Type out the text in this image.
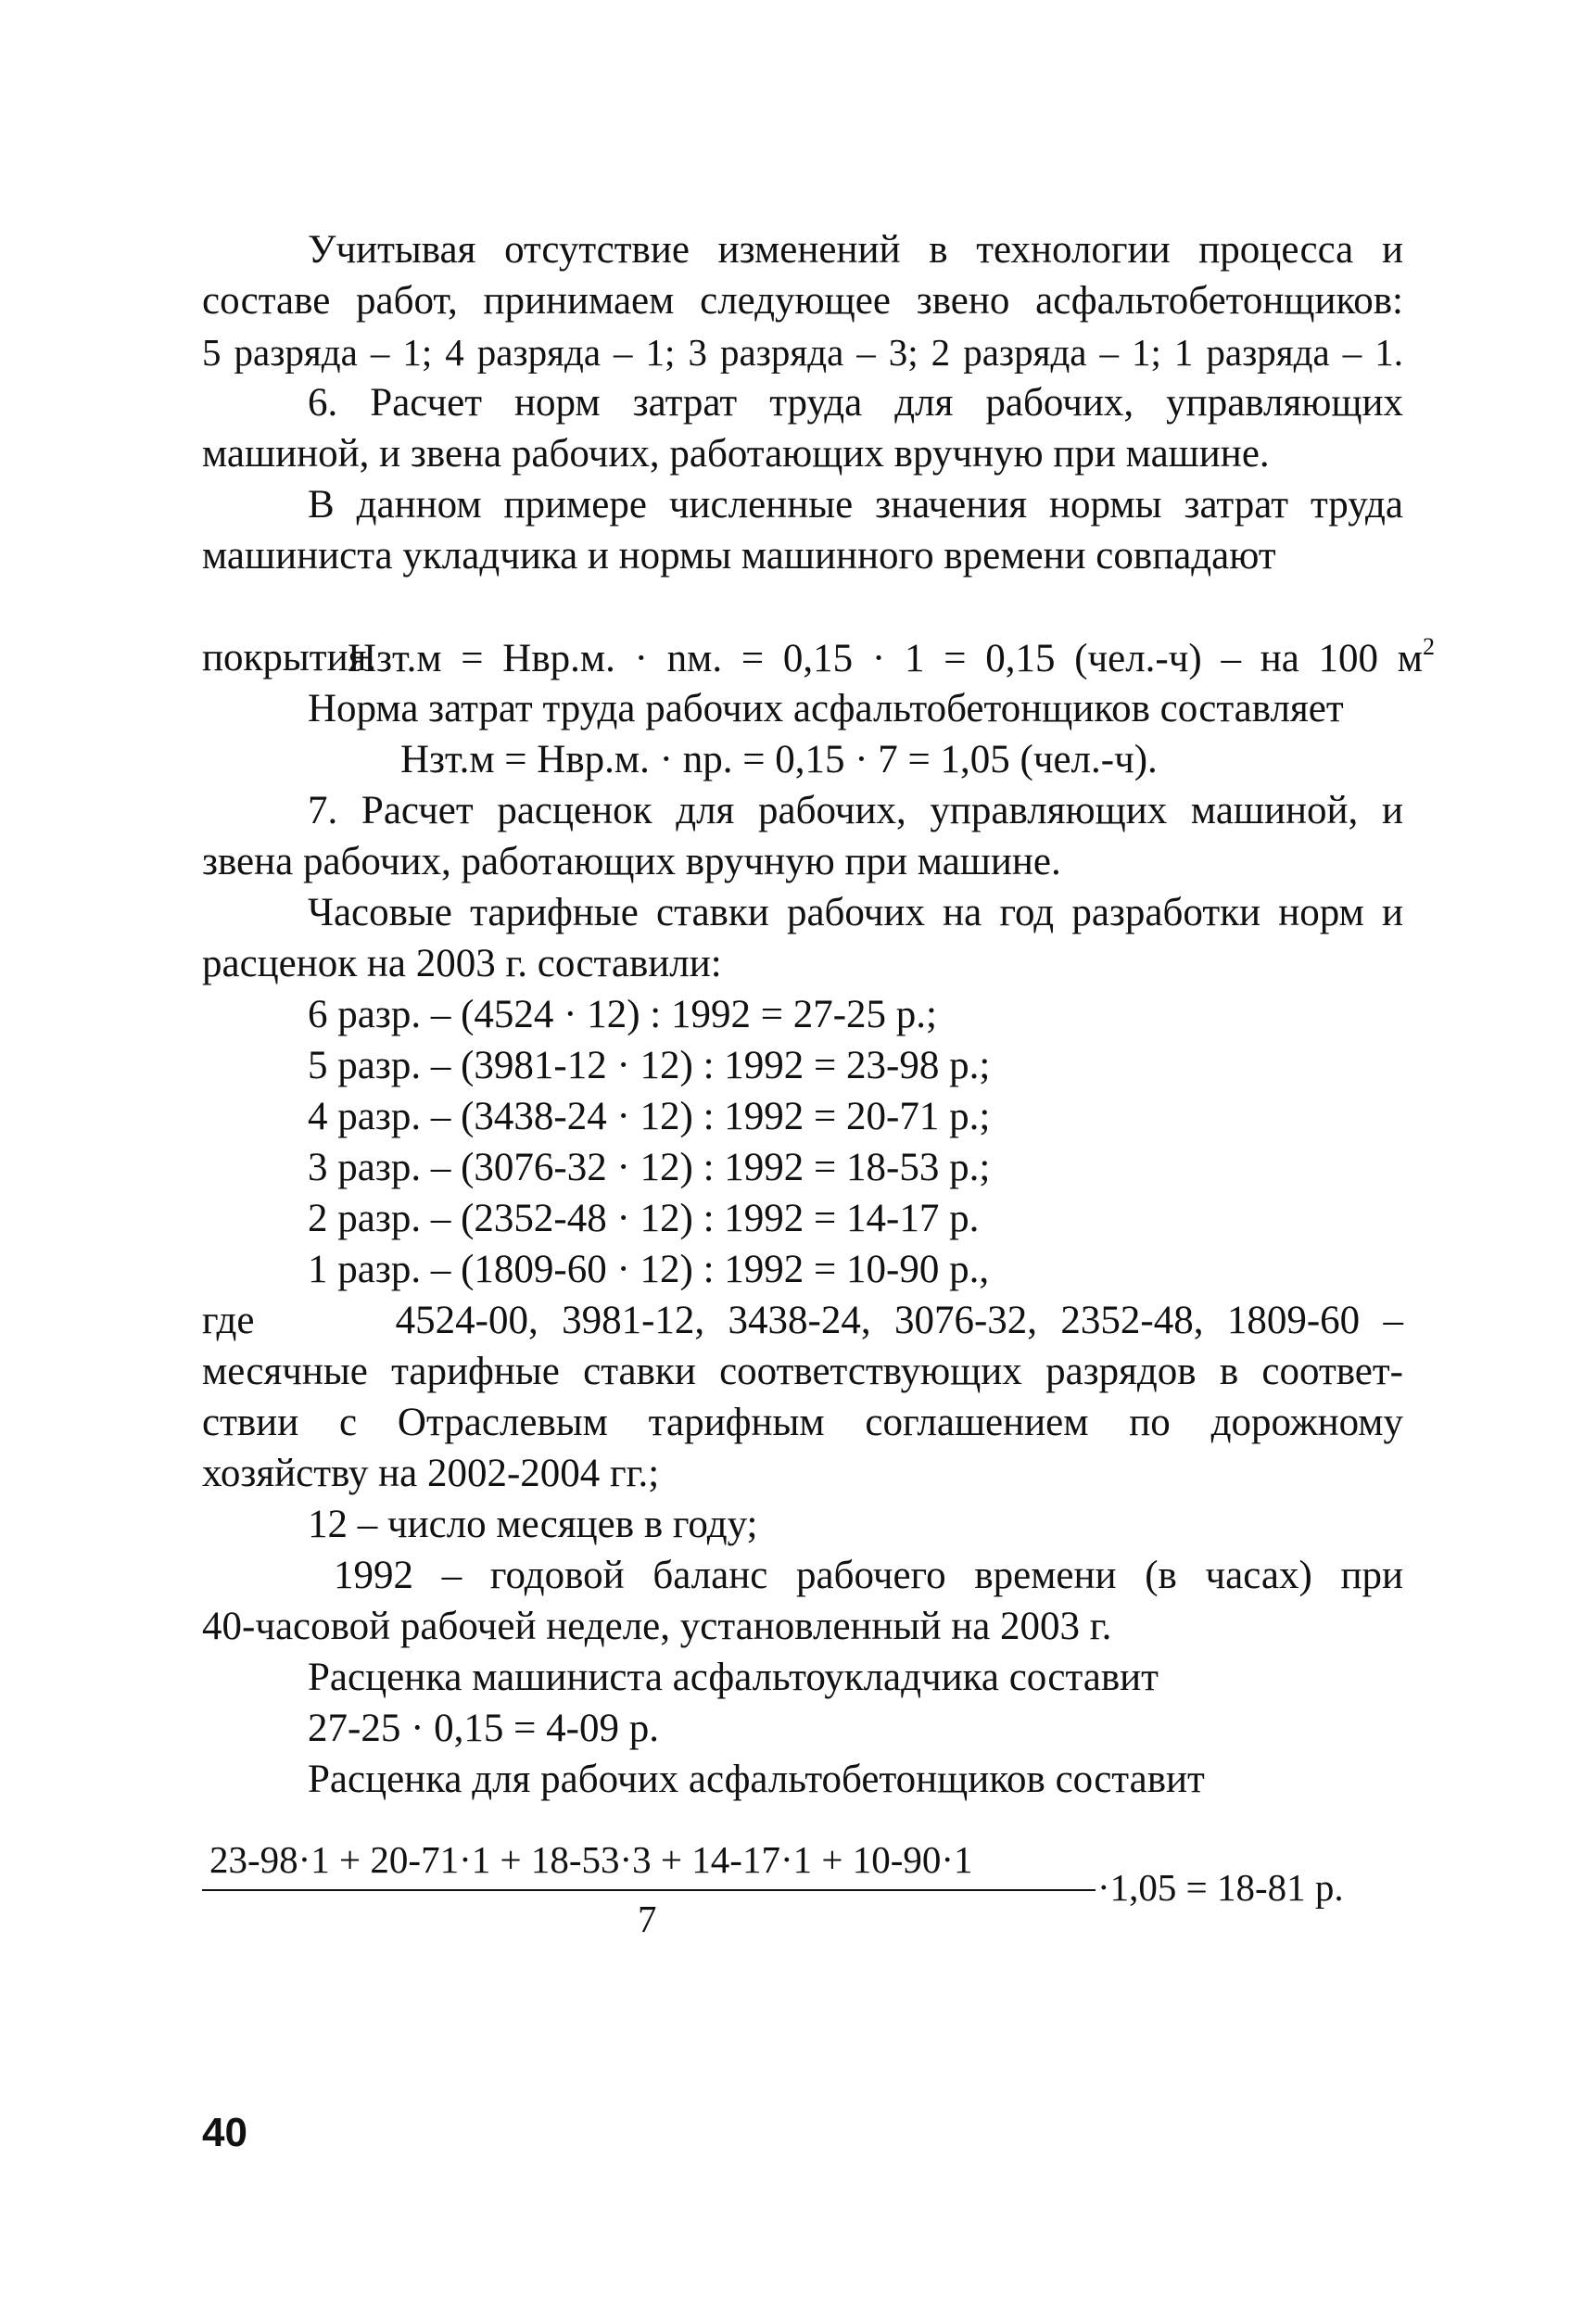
Учитывая отсутствие изменений в технологии процесса и

составе работ, принимаем следующее звено асфальтобетонщиков:

5 разряда – 1; 4 разряда – 1; 3 разряда – 3; 2 разряда – 1; 1 разряда – 1.

6. Расчет норм затрат труда для рабочих, управляющих

машиной, и звена рабочих, работающих вручную при машине.

В данном примере численные значения нормы затрат труда

машиниста укладчика и нормы машинного времени совпадают

Нзт.м = Нвр.м. · nм. = 0,15 · 1 = 0,15 (чел.-ч) – на 100 $м^2$

покрытия.

Норма затрат труда рабочих асфальтобетонщиков составляет

Нзт.м = Нвр.м. · nр. = 0,15 · 7 = 1,05 (чел.-ч).

7. Расчет расценок для рабочих, управляющих машиной, и

звена рабочих, работающих вручную при машине.

Часовые тарифные ставки рабочих на год разработки норм и

расценок на 2003 г. составили:

6 разр. – (4524 · 12) : 1992 = 27-25 р.;

5 разр. – (3981-12 · 12) : 1992 = 23-98 р.;

4 разр. – (3438-24 · 12) : 1992 = 20-71 р.;

3 разр. – (3076-32 · 12) : 1992 = 18-53 р.;

2 разр. – (2352-48 · 12) : 1992 = 14-17 р.

1 разр. – (1809-60 · 12) : 1992 = 10-90 р.,

где      4524-00, 3981-12, 3438-24, 3076-32, 2352-48, 1809-60 –

месячные тарифные ставки соответствующих разрядов в соответ-

ствии с Отраслевым тарифным соглашением по дорожному

хозяйству на 2002-2004 гг.;

12 – число месяцев в году;

1992 – годовой баланс рабочего времени (в часах) при

40-часовой рабочей неделе, установленный на 2003 г.

Расценка машиниста асфальтоукладчика составит

27-25 · 0,15 = 4-09 р.

Расценка для рабочих асфальтобетонщиков составит

23-98·1 + 20-71·1 + 18-53·3 + 14-17·1 + 10-90·1
7
·1,05 = 18-81 р.
40
